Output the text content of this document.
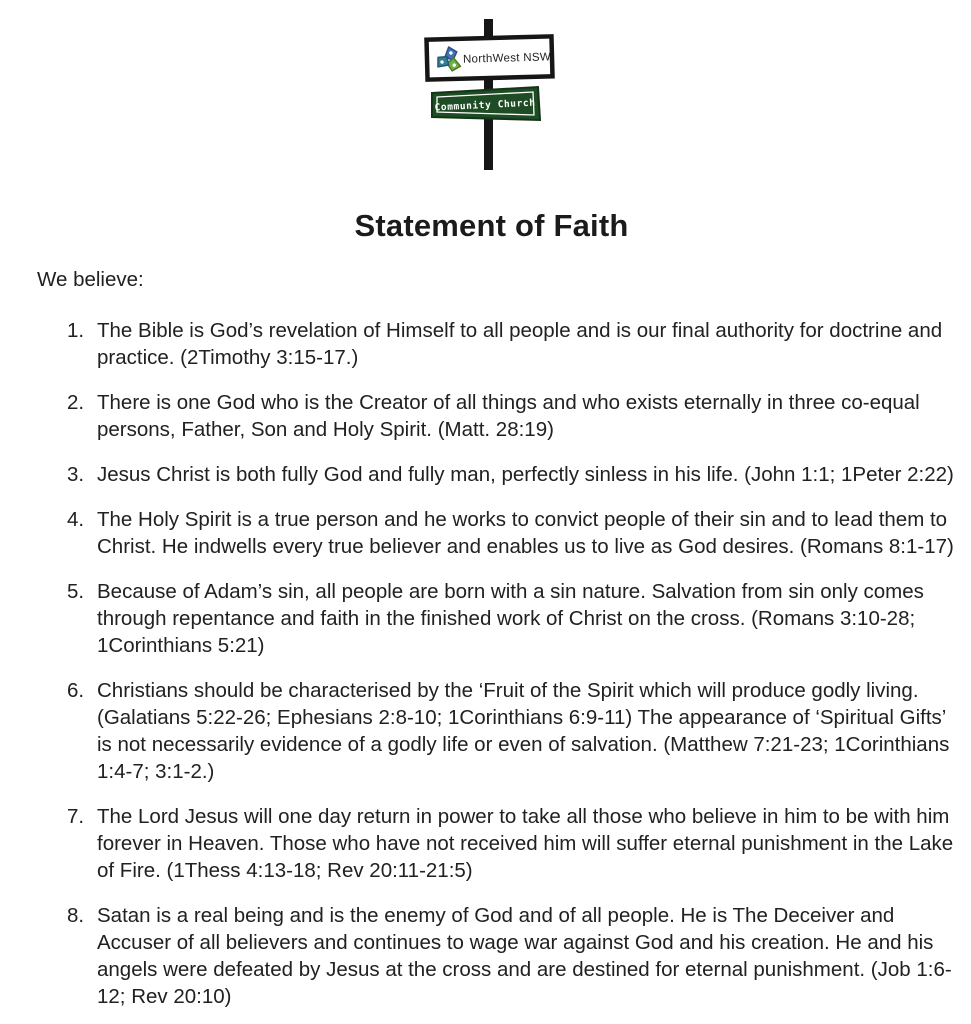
NorthWest NSW
Community Church
Statement of Faith

We believe:

1. The Bible is God’s revelation of Himself to all people and is our final authority for doctrine and practice. (2Timothy 3:15-17.)
2. There is one God who is the Creator of all things and who exists eternally in three co-equal persons, Father, Son and Holy Spirit. (Matt. 28:19)
3. Jesus Christ is both fully God and fully man, perfectly sinless in his life. (John 1:1; 1Peter 2:22)
4. The Holy Spirit is a true person and he works to convict people of their sin and to lead them to Christ. He indwells every true believer and enables us to live as God desires. (Romans 8:1-17)
5. Because of Adam’s sin, all people are born with a sin nature. Salvation from sin only comes through repentance and faith in the finished work of Christ on the cross. (Romans 3:10-28; 1Corinthians 5:21)
6. Christians should be characterised by the ‘Fruit of the Spirit which will produce godly living. (Galatians 5:22-26; Ephesians 2:8-10; 1Corinthians 6:9-11) The appearance of ‘Spiritual Gifts’ is not necessarily evidence of a godly life or even of salvation. (Matthew 7:21-23; 1Corinthians 1:4-7; 3:1-2.)
7. The Lord Jesus will one day return in power to take all those who believe in him to be with him forever in Heaven. Those who have not received him will suffer eternal punishment in the Lake of Fire. (1Thess 4:13-18; Rev 20:11-21:5)
8. Satan is a real being and is the enemy of God and of all people. He is The Deceiver and Accuser of all believers and continues to wage war against God and his creation. He and his angels were defeated by Jesus at the cross and are destined for eternal punishment. (Job 1:6-12; Rev 20:10)
